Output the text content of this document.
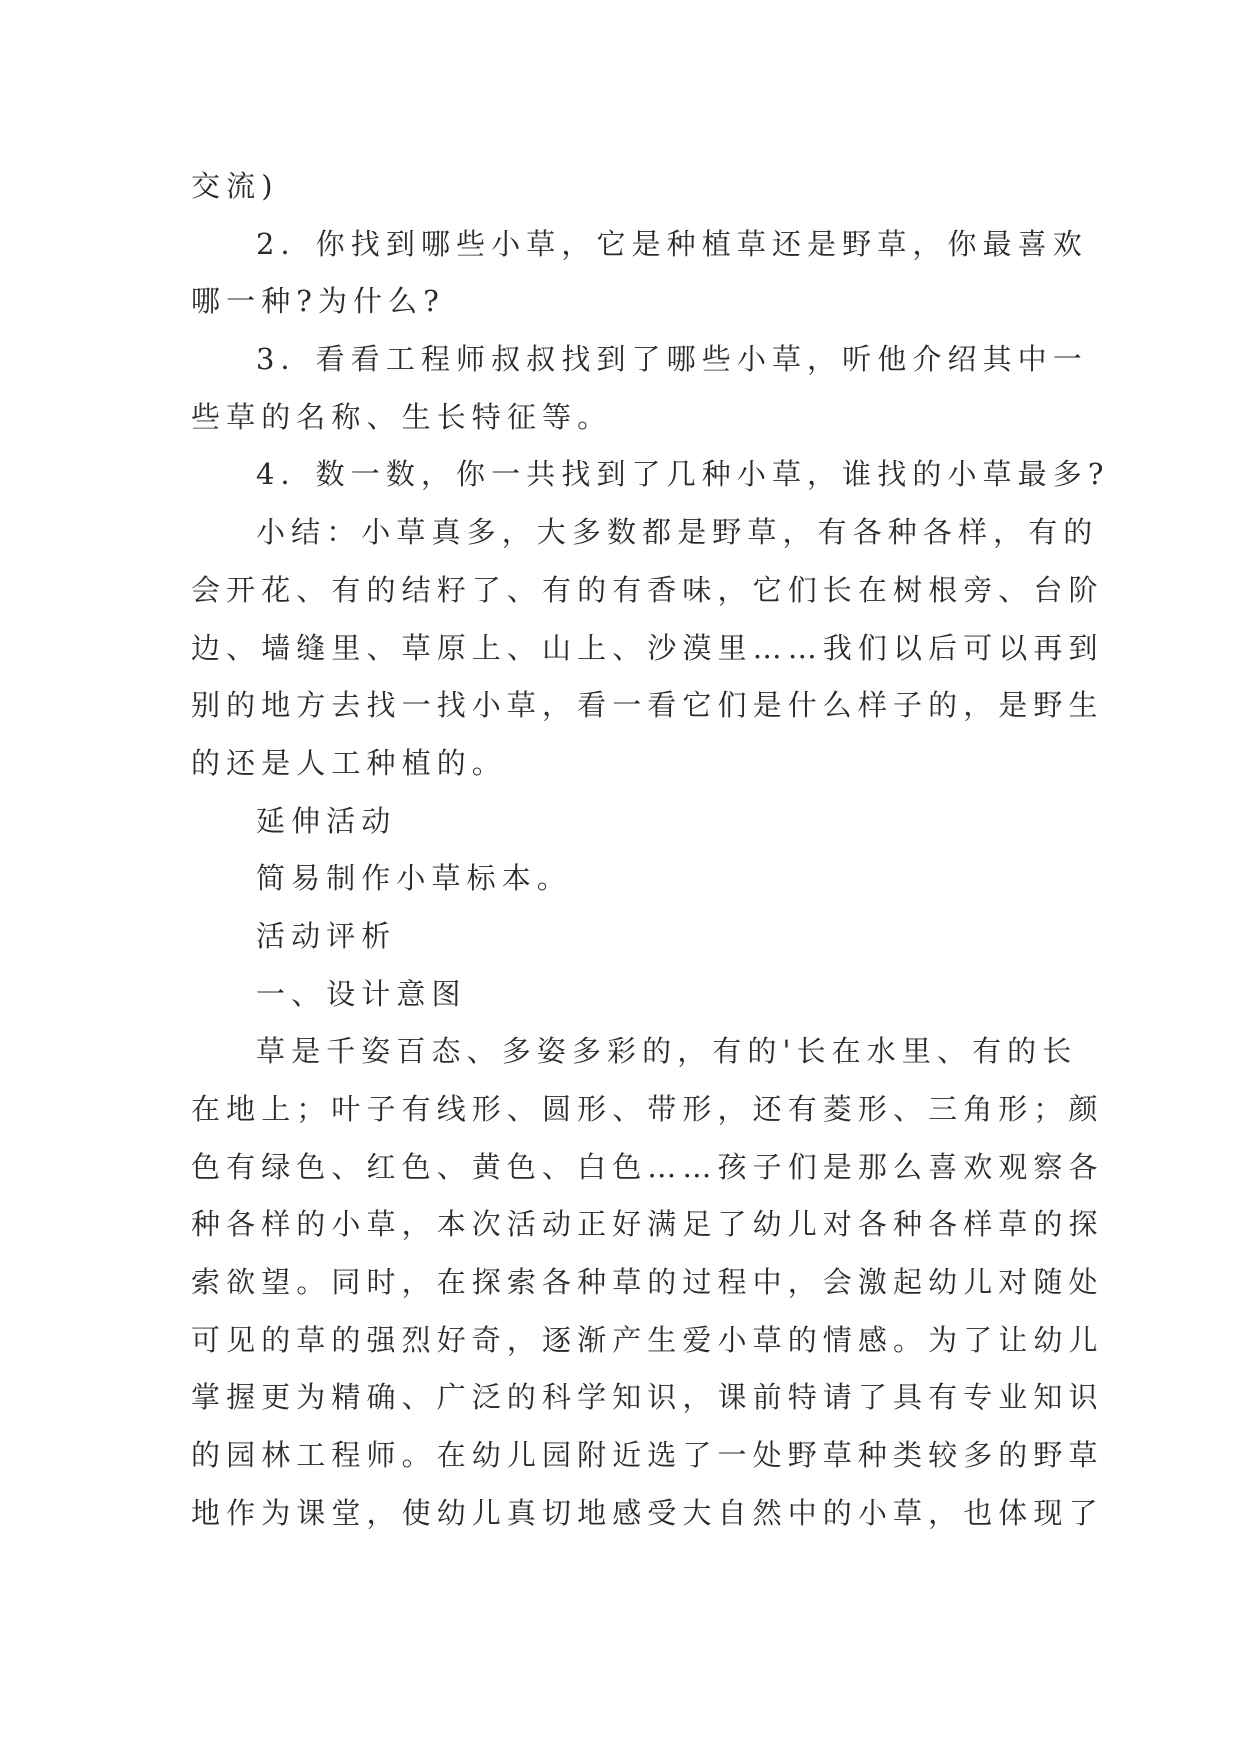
交流)
2．你找到哪些小草，它是种植草还是野草，你最喜欢
哪一种?为什么?
3．看看工程师叔叔找到了哪些小草，听他介绍其中一
些草的名称、生长特征等。
4．数一数，你一共找到了几种小草，谁找的小草最多?
小结：小草真多，大多数都是野草，有各种各样，有的
会开花、有的结籽了、有的有香味，它们长在树根旁、台阶
边、墙缝里、草原上、山上、沙漠里……我们以后可以再到
别的地方去找一找小草，看一看它们是什么样子的，是野生
的还是人工种植的。
延伸活动
简易制作小草标本。
活动评析
一、设计意图
草是千姿百态、多姿多彩的，有的'长在水里、有的长
在地上；叶子有线形、圆形、带形，还有菱形、三角形；颜
色有绿色、红色、黄色、白色……孩子们是那么喜欢观察各
种各样的小草，本次活动正好满足了幼儿对各种各样草的探
索欲望。同时，在探索各种草的过程中，会激起幼儿对随处
可见的草的强烈好奇，逐渐产生爱小草的情感。为了让幼儿
掌握更为精确、广泛的科学知识，课前特请了具有专业知识
的园林工程师。在幼儿园附近选了一处野草种类较多的野草
地作为课堂，使幼儿真切地感受大自然中的小草，也体现了
